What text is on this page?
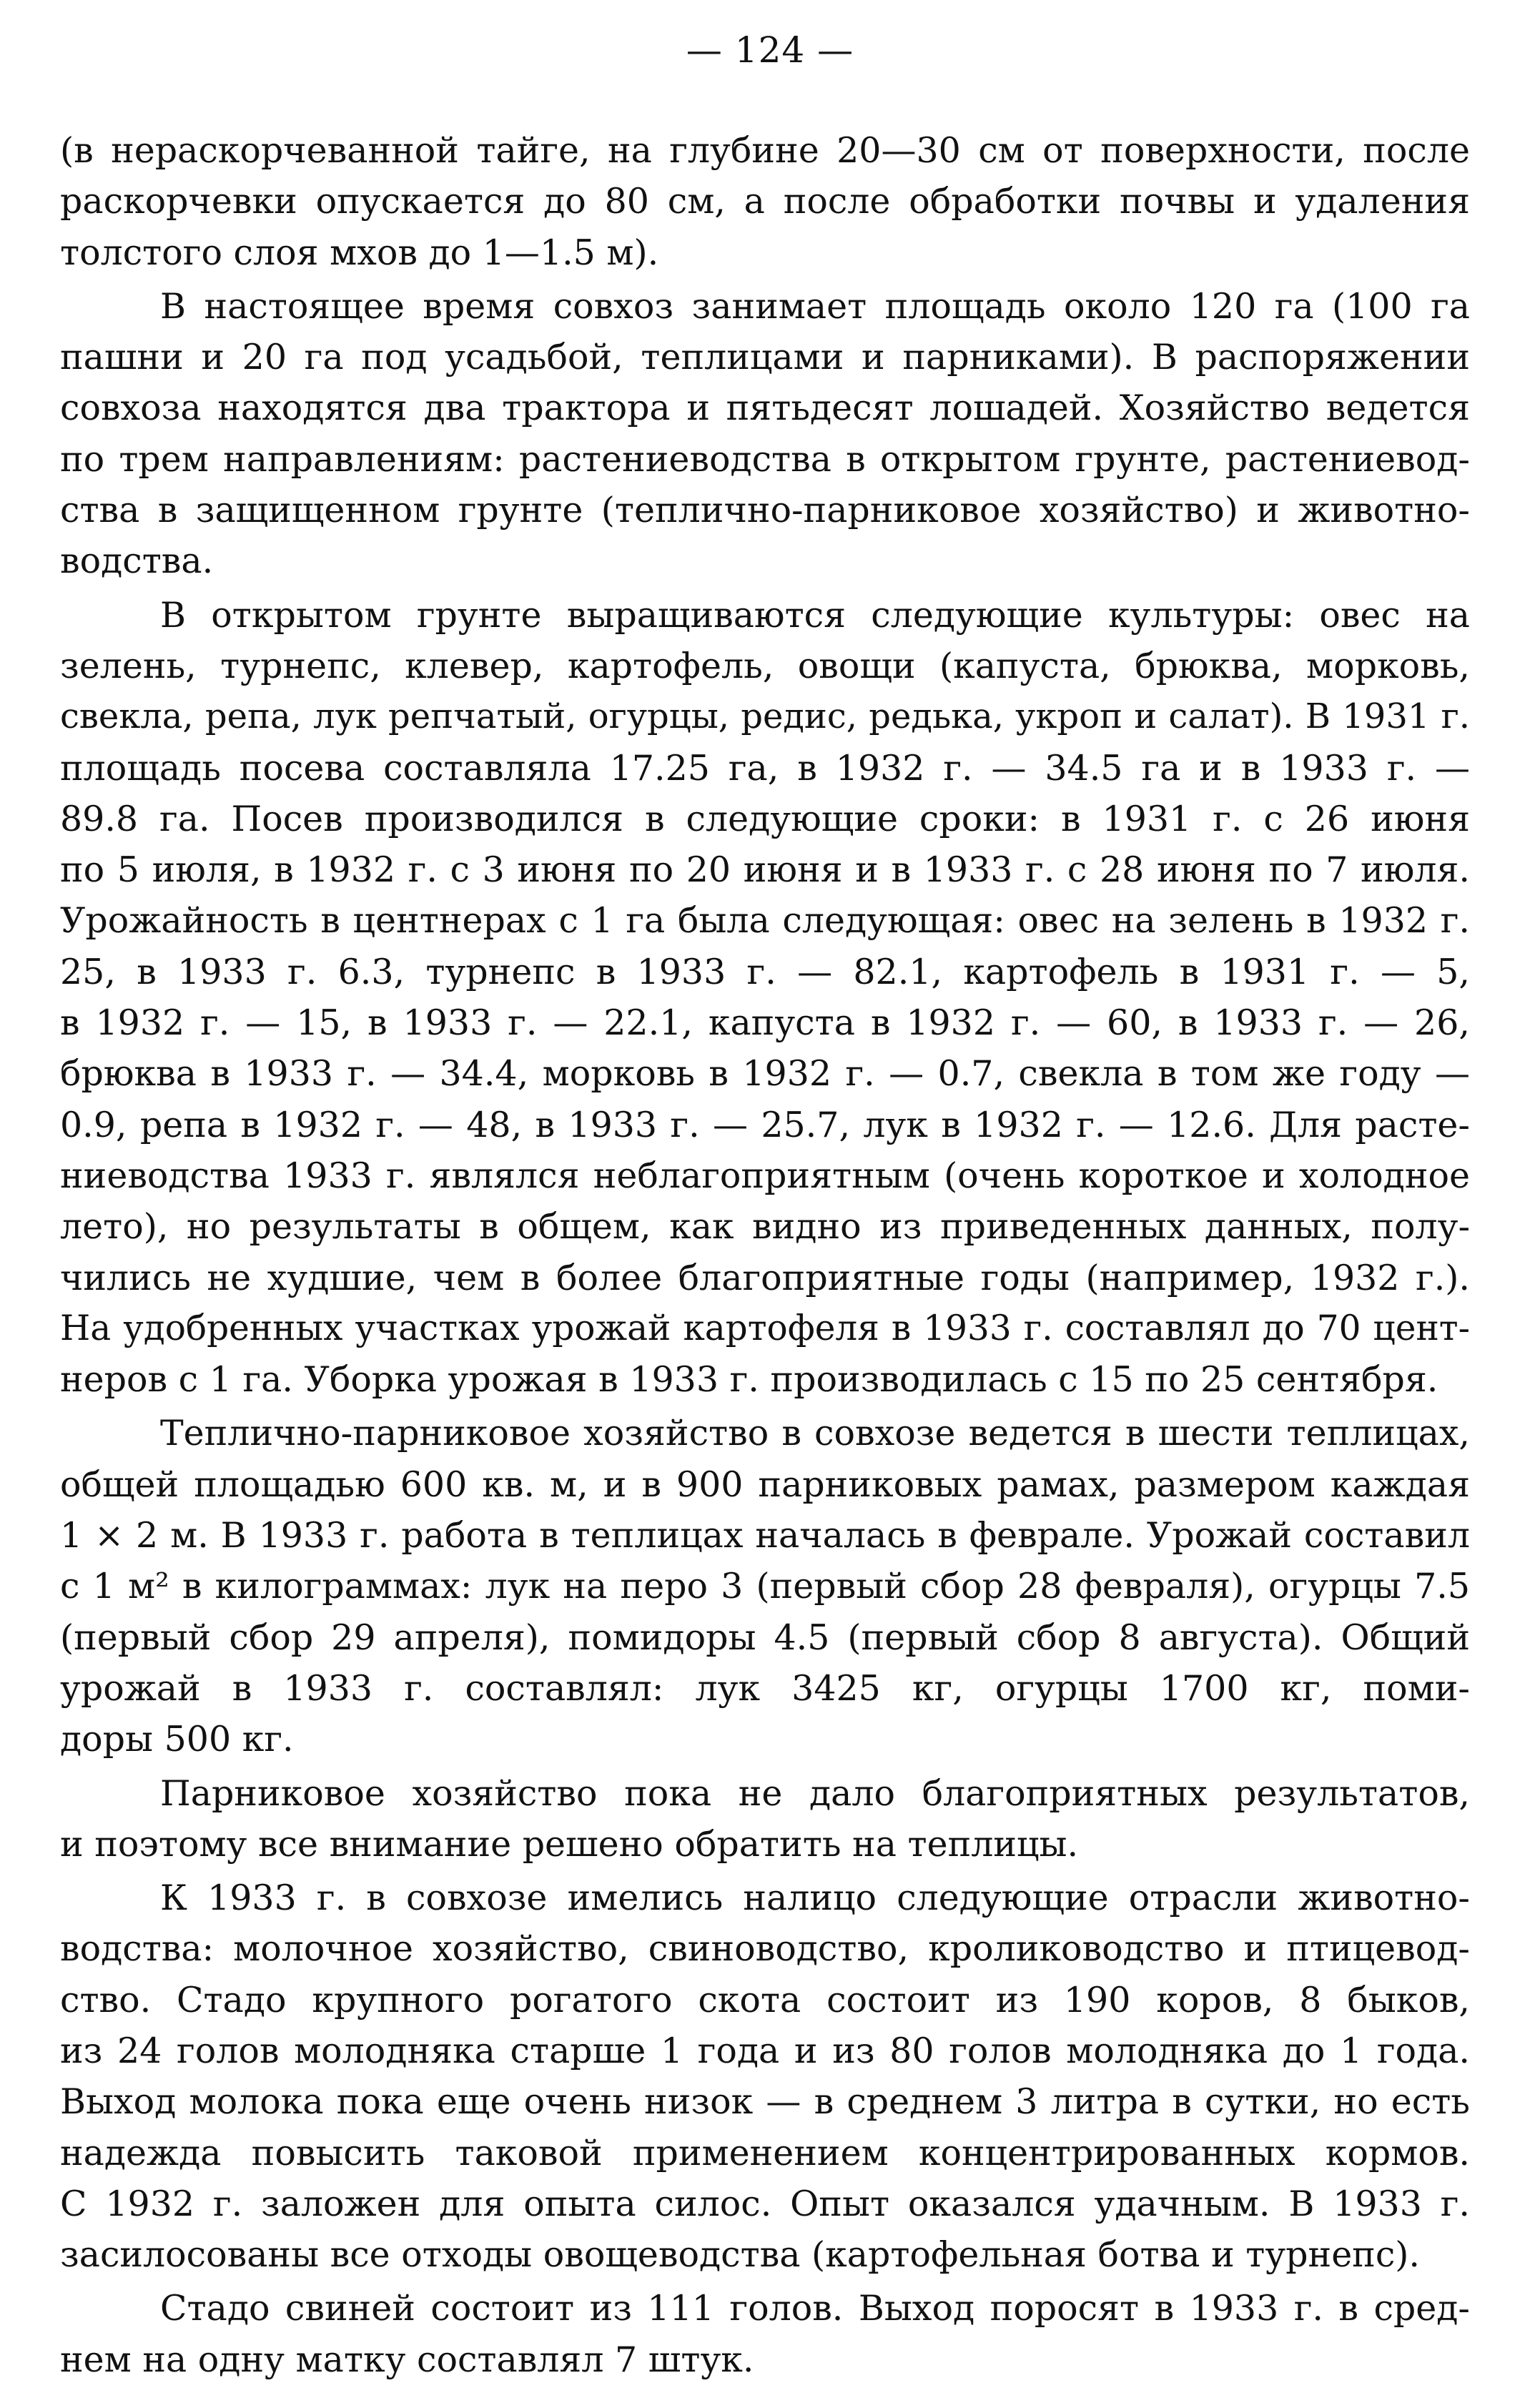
— 124 —
(в нераскорчеванной тайге, на глубине 20—30 см от поверхности, после
раскорчевки опускается до 80 см, а после обработки почвы и удаления
толстого слоя мхов до 1—1.5 м).
В настоящее время совхоз занимает площадь около 120 га (100 га
пашни и 20 га под усадьбой, теплицами и парниками). В распоряжении
совхоза находятся два трактора и пятьдесят лошадей. Хозяйство ведется
по трем направлениям: растениеводства в открытом грунте, растениевод-
ства в защищенном грунте (теплично-парниковое хозяйство) и животно-
водства.
В открытом грунте выращиваются следующие культуры: овес на
зелень, турнепс, клевер, картофель, овощи (капуста, брюква, морковь,
свекла, репа, лук репчатый, огурцы, редис, редька, укроп и салат). В 1931 г.
площадь посева составляла 17.25 га, в 1932 г. — 34.5 га и в 1933 г. —
89.8 га. Посев производился в следующие сроки: в 1931 г. с 26 июня
по 5 июля, в 1932 г. с 3 июня по 20 июня и в 1933 г. с 28 июня по 7 июля.
Урожайность в центнерах с 1 га была следующая: овес на зелень в 1932 г.
25, в 1933 г. 6.3, турнепс в 1933 г. — 82.1, картофель в 1931 г. — 5,
в 1932 г. — 15, в 1933 г. — 22.1, капуста в 1932 г. — 60, в 1933 г. — 26,
брюква в 1933 г. — 34.4, морковь в 1932 г. — 0.7, свекла в том же году —
0.9, репа в 1932 г. — 48, в 1933 г. — 25.7, лук в 1932 г. — 12.6. Для расте-
ниеводства 1933 г. являлся неблагоприятным (очень короткое и холодное
лето), но результаты в общем, как видно из приведенных данных, полу-
чились не худшие, чем в более благоприятные годы (например, 1932 г.).
На удобренных участках урожай картофеля в 1933 г. составлял до 70 цент-
неров с 1 га. Уборка урожая в 1933 г. производилась с 15 по 25 сентября.
Теплично-парниковое хозяйство в совхозе ведется в шести теплицах,
общей площадью 600 кв. м, и в 900 парниковых рамах, размером каждая
1 × 2 м. В 1933 г. работа в теплицах началась в феврале. Урожай составил
с 1 м² в килограммах: лук на перо 3 (первый сбор 28 февраля), огурцы 7.5
(первый сбор 29 апреля), помидоры 4.5 (первый сбор 8 августа). Общий
урожай в 1933 г. составлял: лук 3425 кг, огурцы 1700 кг, поми-
доры 500 кг.
Парниковое хозяйство пока не дало благоприятных результатов,
и поэтому все внимание решено обратить на теплицы.
К 1933 г. в совхозе имелись налицо следующие отрасли животно-
водства: молочное хозяйство, свиноводство, кролиководство и птицевод-
ство. Стадо крупного рогатого скота состоит из 190 коров, 8 быков,
из 24 голов молодняка старше 1 года и из 80 голов молодняка до 1 года.
Выход молока пока еще очень низок — в среднем 3 литра в сутки, но есть
надежда повысить таковой применением концентрированных кормов.
С 1932 г. заложен для опыта силос. Опыт оказался удачным. В 1933 г.
засилосованы все отходы овощеводства (картофельная ботва и турнепс).
Стадо свиней состоит из 111 голов. Выход поросят в 1933 г. в сред-
нем на одну матку составлял 7 штук.
